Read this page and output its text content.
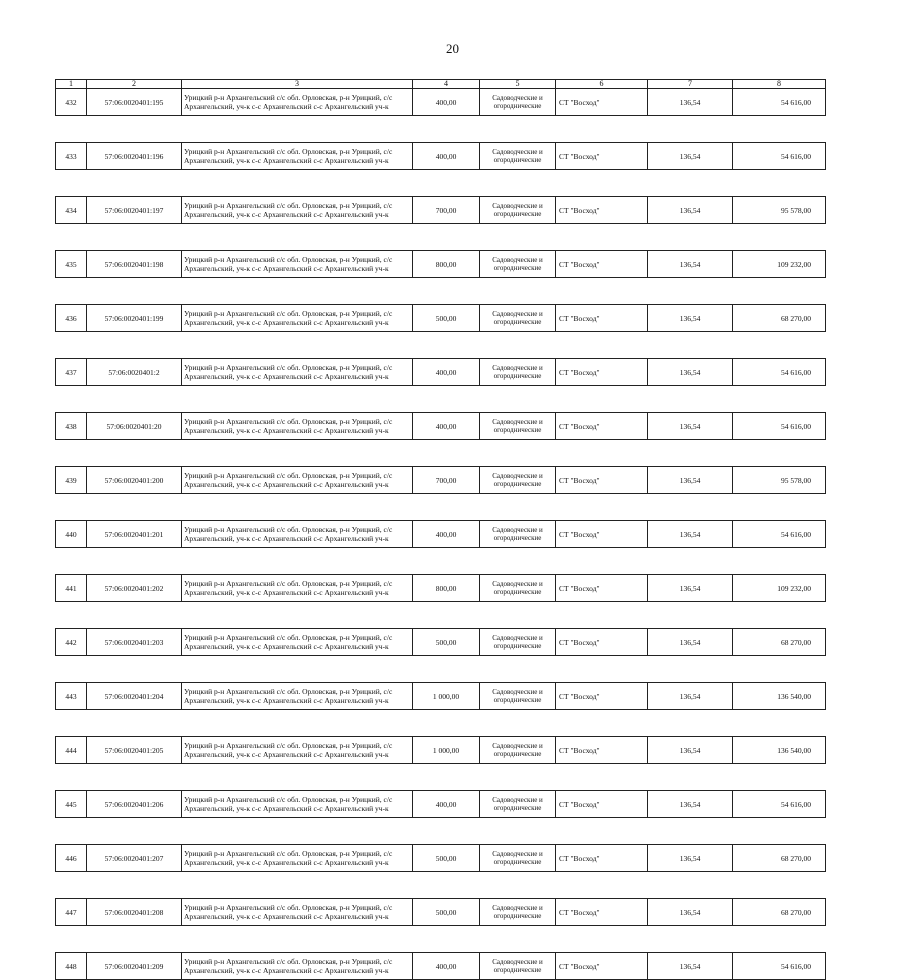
20
1	2	3	4	5	6	7	8
432	57:06:0020401:195	Урицкий р-н Архангельский с/с обл. Орловская, р-н Урицкий, с/с
Архангельский, уч-к с-с Архангельский с-с Архангельский уч-к	400,00	Садоводческие и
огороднические	СТ "Восход"	136,54	54 616,00

433	57:06:0020401:196	Урицкий р-н Архангельский с/с обл. Орловская, р-н Урицкий, с/с
Архангельский, уч-к с-с Архангельский с-с Архангельский уч-к	400,00	Садоводческие и
огороднические	СТ "Восход"	136,54	54 616,00

434	57:06:0020401:197	Урицкий р-н Архангельский с/с обл. Орловская, р-н Урицкий, с/с
Архангельский, уч-к с-с Архангельский с-с Архангельский уч-к	700,00	Садоводческие и
огороднические	СТ "Восход"	136,54	95 578,00

435	57:06:0020401:198	Урицкий р-н Архангельский с/с обл. Орловская, р-н Урицкий, с/с
Архангельский, уч-к с-с Архангельский с-с Архангельский уч-к	800,00	Садоводческие и
огороднические	СТ "Восход"	136,54	109 232,00

436	57:06:0020401:199	Урицкий р-н Архангельский с/с обл. Орловская, р-н Урицкий, с/с
Архангельский, уч-к с-с Архангельский с-с Архангельский уч-к	500,00	Садоводческие и
огороднические	СТ "Восход"	136,54	68 270,00

437	57:06:0020401:2	Урицкий р-н Архангельский с/с обл. Орловская, р-н Урицкий, с/с
Архангельский, уч-к с-с Архангельский с-с Архангельский уч-к	400,00	Садоводческие и
огороднические	СТ "Восход"	136,54	54 616,00

438	57:06:0020401:20	Урицкий р-н Архангельский с/с обл. Орловская, р-н Урицкий, с/с
Архангельский, уч-к с-с Архангельский с-с Архангельский уч-к	400,00	Садоводческие и
огороднические	СТ "Восход"	136,54	54 616,00

439	57:06:0020401:200	Урицкий р-н Архангельский с/с обл. Орловская, р-н Урицкий, с/с
Архангельский, уч-к с-с Архангельский с-с Архангельский уч-к	700,00	Садоводческие и
огороднические	СТ "Восход"	136,54	95 578,00

440	57:06:0020401:201	Урицкий р-н Архангельский с/с обл. Орловская, р-н Урицкий, с/с
Архангельский, уч-к с-с Архангельский с-с Архангельский уч-к	400,00	Садоводческие и
огороднические	СТ "Восход"	136,54	54 616,00

441	57:06:0020401:202	Урицкий р-н Архангельский с/с обл. Орловская, р-н Урицкий, с/с
Архангельский, уч-к с-с Архангельский с-с Архангельский уч-к	800,00	Садоводческие и
огороднические	СТ "Восход"	136,54	109 232,00

442	57:06:0020401:203	Урицкий р-н Архангельский с/с обл. Орловская, р-н Урицкий, с/с
Архангельский, уч-к с-с Архангельский с-с Архангельский уч-к	500,00	Садоводческие и
огороднические	СТ "Восход"	136,54	68 270,00

443	57:06:0020401:204	Урицкий р-н Архангельский с/с обл. Орловская, р-н Урицкий, с/с
Архангельский, уч-к с-с Архангельский с-с Архангельский уч-к	1 000,00	Садоводческие и
огороднические	СТ "Восход"	136,54	136 540,00

444	57:06:0020401:205	Урицкий р-н Архангельский с/с обл. Орловская, р-н Урицкий, с/с
Архангельский, уч-к с-с Архангельский с-с Архангельский уч-к	1 000,00	Садоводческие и
огороднические	СТ "Восход"	136,54	136 540,00

445	57:06:0020401:206	Урицкий р-н Архангельский с/с обл. Орловская, р-н Урицкий, с/с
Архангельский, уч-к с-с Архангельский с-с Архангельский уч-к	400,00	Садоводческие и
огороднические	СТ "Восход"	136,54	54 616,00

446	57:06:0020401:207	Урицкий р-н Архангельский с/с обл. Орловская, р-н Урицкий, с/с
Архангельский, уч-к с-с Архангельский с-с Архангельский уч-к	500,00	Садоводческие и
огороднические	СТ "Восход"	136,54	68 270,00

447	57:06:0020401:208	Урицкий р-н Архангельский с/с обл. Орловская, р-н Урицкий, с/с
Архангельский, уч-к с-с Архангельский с-с Архангельский уч-к	500,00	Садоводческие и
огороднические	СТ "Восход"	136,54	68 270,00

448	57:06:0020401:209	Урицкий р-н Архангельский с/с обл. Орловская, р-н Урицкий, с/с
Архангельский, уч-к с-с Архангельский с-с Архангельский уч-к	400,00	Садоводческие и
огороднические	СТ "Восход"	136,54	54 616,00
